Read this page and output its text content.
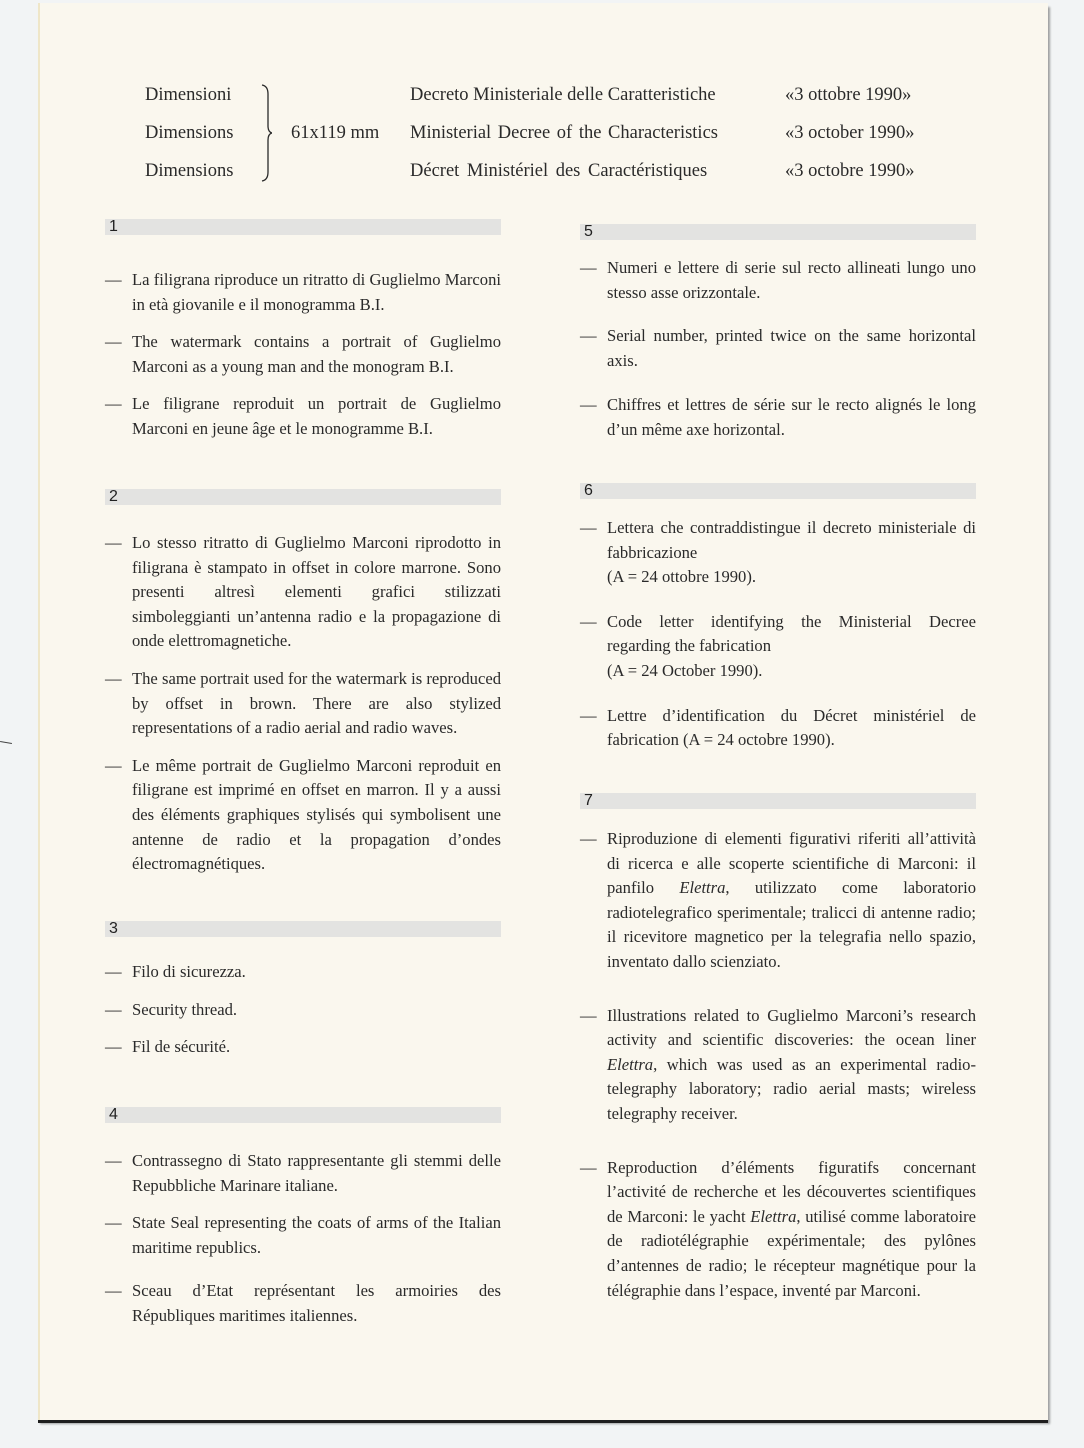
Dimensioni
Dimensions
Dimensions
61x119 mm
Decreto Ministeriale delle Caratteristiche
Ministerial Decree of the Characteristics
Décret Ministériel des Caractéristiques
«3 ottobre 1990»
«3 october 1990»
«3 octobre 1990»
1
— La filigrana riproduce un ritratto di Guglielmo Marconi in età giovanile e il monogramma B.I.
— The watermark contains a portrait of Guglielmo Marconi as a young man and the monogram B.I.
— Le filigrane reproduit un portrait de Guglielmo Marconi en jeune âge et le monogramme B.I.
2
— Lo stesso ritratto di Guglielmo Marconi riprodotto in filigrana è stampato in offset in colore marrone. Sono presenti altresì elementi grafici stilizzati simboleggianti un’antenna radio e la propagazione di onde elettromagnetiche.
— The same portrait used for the watermark is reproduced by offset in brown. There are also stylized representations of a radio aerial and radio waves.
— Le même portrait de Guglielmo Marconi reproduit en filigrane est imprimé en offset en marron. Il y a aussi des éléments graphiques stylisés qui symbolisent une antenne de radio et la propagation d’ondes électromagnétiques.
3
— Filo di sicurezza.
— Security thread.
— Fil de sécurité.
4
— Contrassegno di Stato rappresentante gli stemmi delle Repubbliche Marinare italiane.
— State Seal representing the coats of arms of the Italian maritime republics.
— Sceau d’Etat représentant les armoiries des Républiques maritimes italiennes.
5
— Numeri e lettere di serie sul recto allineati lungo uno stesso asse orizzontale.
— Serial number, printed twice on the same horizontal axis.
— Chiffres et lettres de série sur le recto alignés le long d’un même axe horizontal.
6
— Lettera che contraddistingue il decreto ministeriale di fabbricazione
(A = 24 ottobre 1990).
— Code letter identifying the Ministerial Decree regarding the fabrication
(A = 24 October 1990).
— Lettre d’identification du Décret ministériel de fabrication (A = 24 octobre 1990).
7
— Riproduzione di elementi figurativi riferiti all’attività di ricerca e alle scoperte scientifiche di Marconi: il panfilo Elettra, utilizzato come laboratorio radiotelegrafico sperimentale; tralicci di antenne radio; il ricevitore magnetico per la telegrafia nello spazio, inventato dallo scienziato.
— Illustrations related to Guglielmo Marconi’s research activity and scientific discoveries: the ocean liner Elettra, which was used as an experimental radio-telegraphy laboratory; radio aerial masts; wireless telegraphy receiver.
— Reproduction d’éléments figuratifs concernant l’activité de recherche et les découvertes scientifiques de Marconi: le yacht Elettra, utilisé comme laboratoire de radiotélégraphie expérimentale; des pylônes d’antennes de radio; le récepteur magnétique pour la télégraphie dans l’espace, inventé par Marconi.
